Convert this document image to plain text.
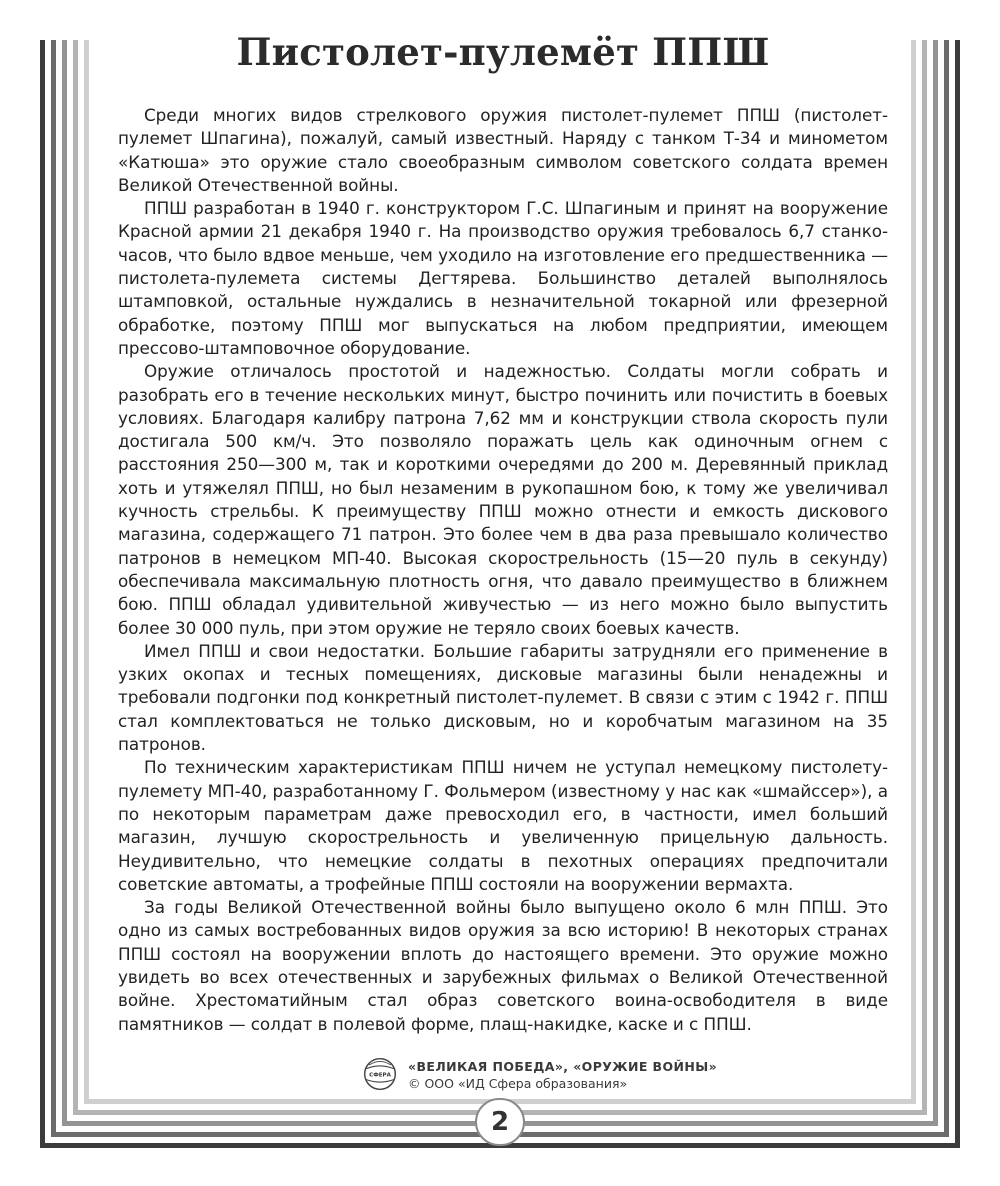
Пистолет-пулемёт ППШ

Среди многих видов стрелкового оружия пистолет-пулемет ППШ (пистолет-пулемет Шпагина), пожалуй, самый известный. Наряду с танком Т-34 и минометом «Катюша» это оружие стало своеобразным символом советского солдата времен Великой Отечественной войны.

ППШ разработан в 1940 г. конструктором Г.С. Шпагиным и принят на вооружение Красной армии 21 декабря 1940 г. На производство оружия требовалось 6,7 станко-часов, что было вдвое меньше, чем уходило на изготовление его предшественника — пистолета-пулемета системы Дегтярева. Большинство деталей выполнялось штамповкой, остальные нуждались в незначительной токарной или фрезерной обработке, поэтому ППШ мог выпускаться на любом предприятии, имеющем прессово-штамповочное оборудование.

Оружие отличалось простотой и надежностью. Солдаты могли собрать и разобрать его в течение нескольких минут, быстро починить или почистить в боевых условиях. Благодаря калибру патрона 7,62 мм и конструкции ствола скорость пули достигала 500 км/ч. Это позволяло поражать цель как одиночным огнем с расстояния 250—300 м, так и короткими очередями до 200 м. Деревянный приклад хоть и утяжелял ППШ, но был незаменим в рукопашном бою, к тому же увеличивал кучность стрельбы. К преимуществу ППШ можно отнести и емкость дискового магазина, содержащего 71 патрон. Это более чем в два раза превышало количество патронов в немецком МП-40. Высокая скорострельность (15—20 пуль в секунду) обеспечивала максимальную плотность огня, что давало преимущество в ближнем бою. ППШ обладал удивительной живучестью — из него можно было выпустить более 30 000 пуль, при этом оружие не теряло своих боевых качеств.

Имел ППШ и свои недостатки. Большие габариты затрудняли его применение в узких окопах и тесных помещениях, дисковые магазины были ненадежны и требовали подгонки под конкретный пистолет-пулемет. В связи с этим с 1942 г. ППШ стал комплектоваться не только дисковым, но и коробчатым магазином на 35 патронов.

По техническим характеристикам ППШ ничем не уступал немецкому пистолету-пулемету МП-40, разработанному Г. Фольмером (известному у нас как «шмайссер»), а по некоторым параметрам даже превосходил его, в частности, имел больший магазин, лучшую скорострельность и увеличенную прицельную дальность. Неудивительно, что немецкие солдаты в пехотных операциях предпочитали советские автоматы, а трофейные ППШ состояли на вооружении вермахта.

За годы Великой Отечественной войны было выпущено около 6 млн ППШ. Это одно из самых востребованных видов оружия за всю историю! В некоторых странах ППШ состоял на вооружении вплоть до настоящего времени. Это оружие можно увидеть во всех отечественных и зарубежных фильмах о Великой Отечественной войне. Хрестоматийным стал образ советского воина-освободителя в виде памятников — солдат в полевой форме, плащ-накидке, каске и с ППШ.

СФЕРА
«ВЕЛИКАЯ ПОБЕДА», «ОРУЖИЕ ВОЙНЫ»
© ООО «ИД Сфера образования»
2
